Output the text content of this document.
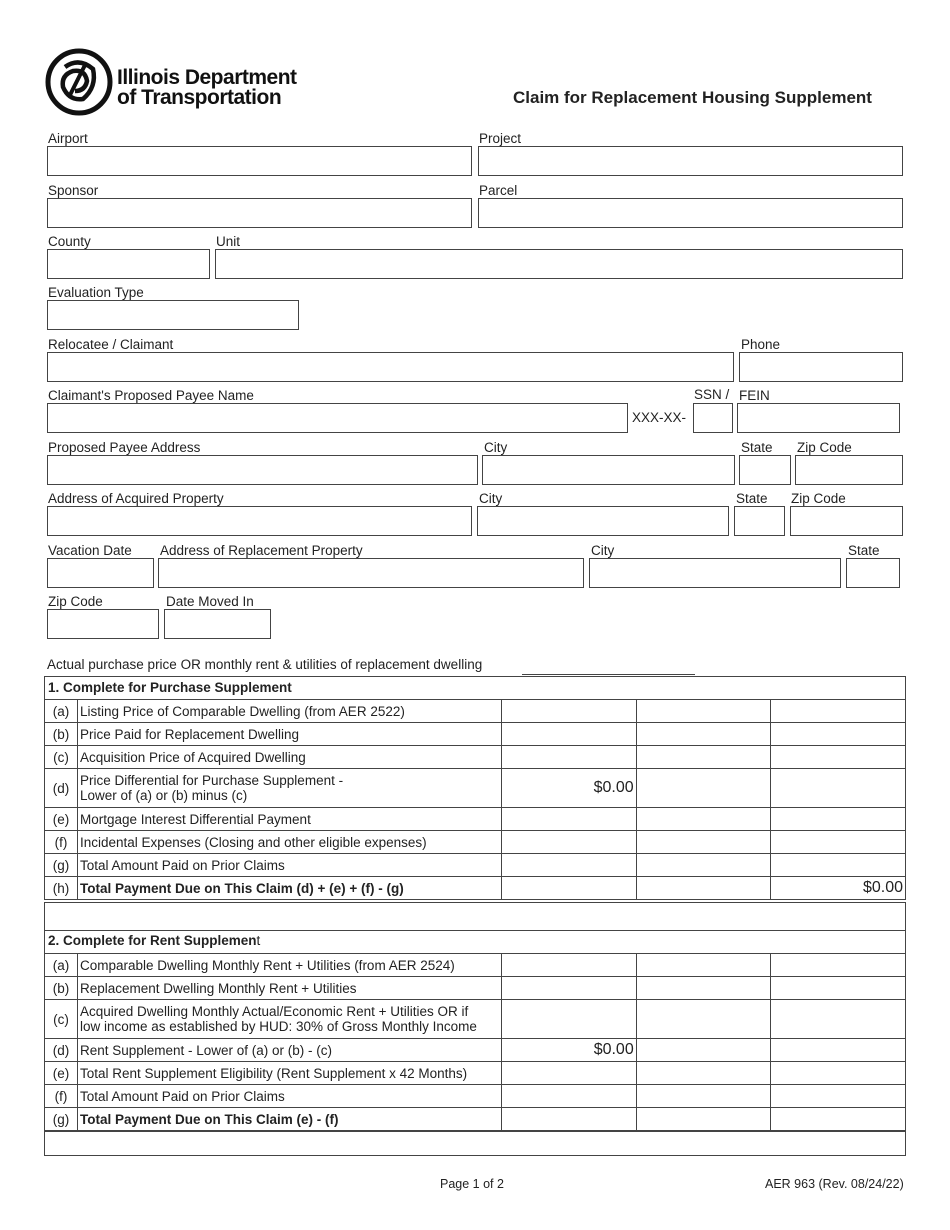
Illinois Department
of Transportation	Claim for Replacement Housing Supplement
Airport	Project
Sponsor	Parcel
County	Unit
Evaluation Type
Relocatee / Claimant	Phone
Claimant's Proposed Payee Name
XXX-XX-
SSN / FEIN
Proposed Payee Address	City	State Zip Code
Address of Acquired Property	City	State Zip Code
Vacation Date Address of Replacement Property	City	State
Zip Code	Date Moved In
Actual purchase price OR monthly rent & utilities of replacement dwelling
1. Complete for Purchase Supplement
(a)	Listing Price of Comparable Dwelling (from AER 2522)			

(b)	Price Paid for Replacement Dwelling			

(c)	Acquisition Price of Acquired Dwelling			

(d)	Price Differential for Purchase Supplement -
Lower of (a) or (b) minus (c)	$0.00		
(e)	Mortgage Interest Differential Payment			

(f)	Incidental Expenses (Closing and other eligible expenses)			

(g)	Total Amount Paid on Prior Claims			

(h)	Total Payment Due on This Claim (d) + (e) + (f) - (g)			$0.00
2. Complete for Rent Supplement
(a)	Comparable Dwelling Monthly Rent + Utilities (from AER 2524)			

(b)	Replacement Dwelling Monthly Rent + Utilities			

(c)	Acquired Dwelling Monthly Actual/Economic Rent + Utilities OR if
low income as established by HUD: 30% of Gross Monthly Income			

(d)	Rent Supplement - Lower of (a) or (b) - (c)	$0.00		
(e)	Total Rent Supplement Eligibility (Rent Supplement x 42 Months)			

(f)	Total Amount Paid on Prior Claims			

(g)	Total Payment Due on This Claim (e) - (f)			

Page 1 of 2	AER 963 (Rev. 08/24/22)
